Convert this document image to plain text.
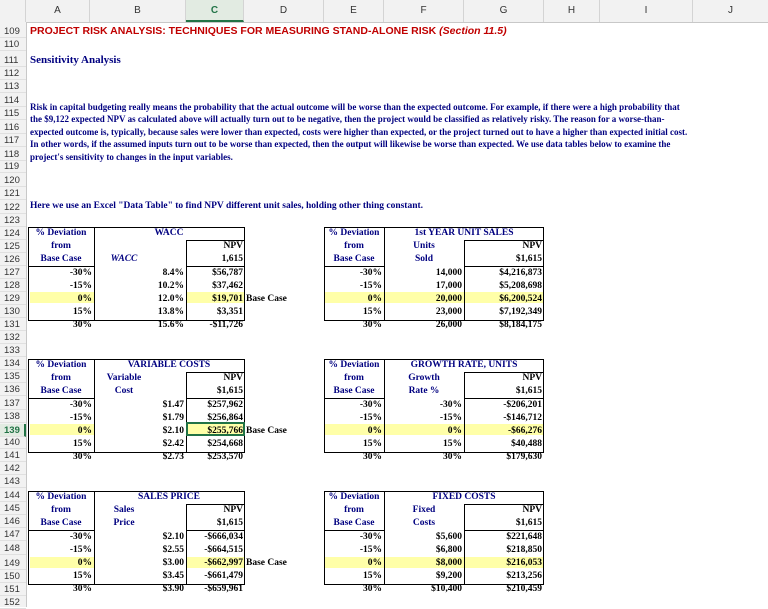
A	B	C	D	E	F	G	H	I	J
109
110
111
112
113
114
115
116
117
118
119
120
121
122
123
124
125
126
127
128
129
130
131
132
133
134
135
136
137
138
139
140
141
142
143
144
145
146
147
148
149
150
151
152
PROJECT RISK ANALYSIS: TECHNIQUES FOR MEASURING STAND-ALONE RISK (Section 11.5)
Sensitivity Analysis
Risk in capital budgeting really means the probability that the actual outcome will be worse than the expected outcome. For example, if there were a high probability that the $9,122 expected NPV as calculated above will actually turn out to be negative, then the project would be classified as relatively risky. The reason for a worse-than-expected outcome is, typically, because sales were lower than expected, costs were higher than expected, or the project turned out to have a higher than expected initial cost. In other words, if the assumed inputs turn out to be worse than expected, then the output will likewise be worse than expected. We use data tables below to examine the project's sensitivity to changes in the input variables.
Here we use an Excel "Data Table" to find NPV different unit sales, holding other thing constant.
% Deviation
from
Base Case
WACC
WACC
NPV
1,615
-30%	8.4%	$56,787
-15%	10.2%	$37,462
0%	12.0%	$19,701
15%	13.8%	$3,351
30%	15.6%	-$11,726
Base Case
% Deviation
from
Base Case
1st YEAR UNIT SALES
Units
Sold
NPV
$1,615
-30%	14,000	$4,216,873
-15%	17,000	$5,208,698
0%	20,000	$6,200,524
15%	23,000	$7,192,349
30%	26,000	$8,184,175
% Deviation
from
Base Case
VARIABLE COSTS
Variable
Cost
NPV
$1,615
-30%	$1.47	$257,962
-15%	$1.79	$256,864
0%	$2.10	$255,766
15%	$2.42	$254,668
30%	$2.73	$253,570
Base Case
% Deviation
from
Base Case
GROWTH RATE, UNITS
Growth
Rate %
NPV
$1,615
-30%	-30%	-$206,201
-15%	-15%	-$146,712
0%	0%	-$66,276
15%	15%	$40,488
30%	30%	$179,630
% Deviation
from
Base Case
SALES PRICE
Sales
Price
NPV
$1,615
-30%	$2.10	-$666,034
-15%	$2.55	-$664,515
0%	$3.00	-$662,997
15%	$3.45	-$661,479
30%	$3.90	-$659,961
Base Case
% Deviation
from
Base Case
FIXED COSTS
Fixed
Costs
NPV
$1,615
-30%	$5,600	$221,648
-15%	$6,800	$218,850
0%	$8,000	$216,053
15%	$9,200	$213,256
30%	$10,400	$210,459
